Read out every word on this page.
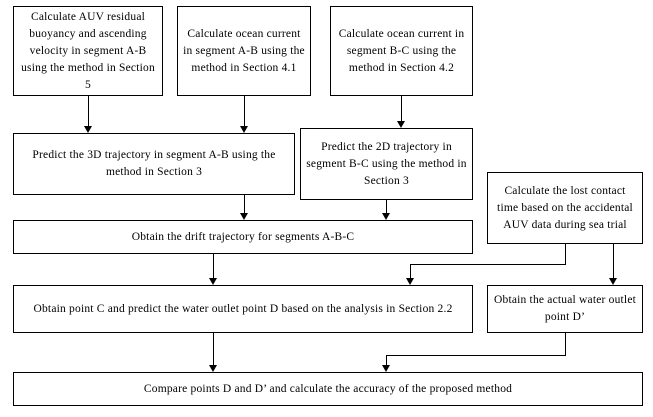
Calculate AUV residual buoyancy and ascending velocity in segment A-B using the method in Section 5
Calculate ocean current in segment A-B using the method in Section 4.1
Calculate ocean current in segment B-C using the method in Section 4.2
Predict the 3D trajectory in segment A-B using the method in Section 3
Predict the 2D trajectory in segment B-C using the method in Section 3
Calculate the lost contact time based on the accidental AUV data during sea trial
Obtain the drift trajectory for segments A-B-C
Obtain point C and predict the water outlet point D based on the analysis in Section 2.2
Obtain the actual water outlet point D’
Compare points D and D’ and calculate the accuracy of the proposed method
